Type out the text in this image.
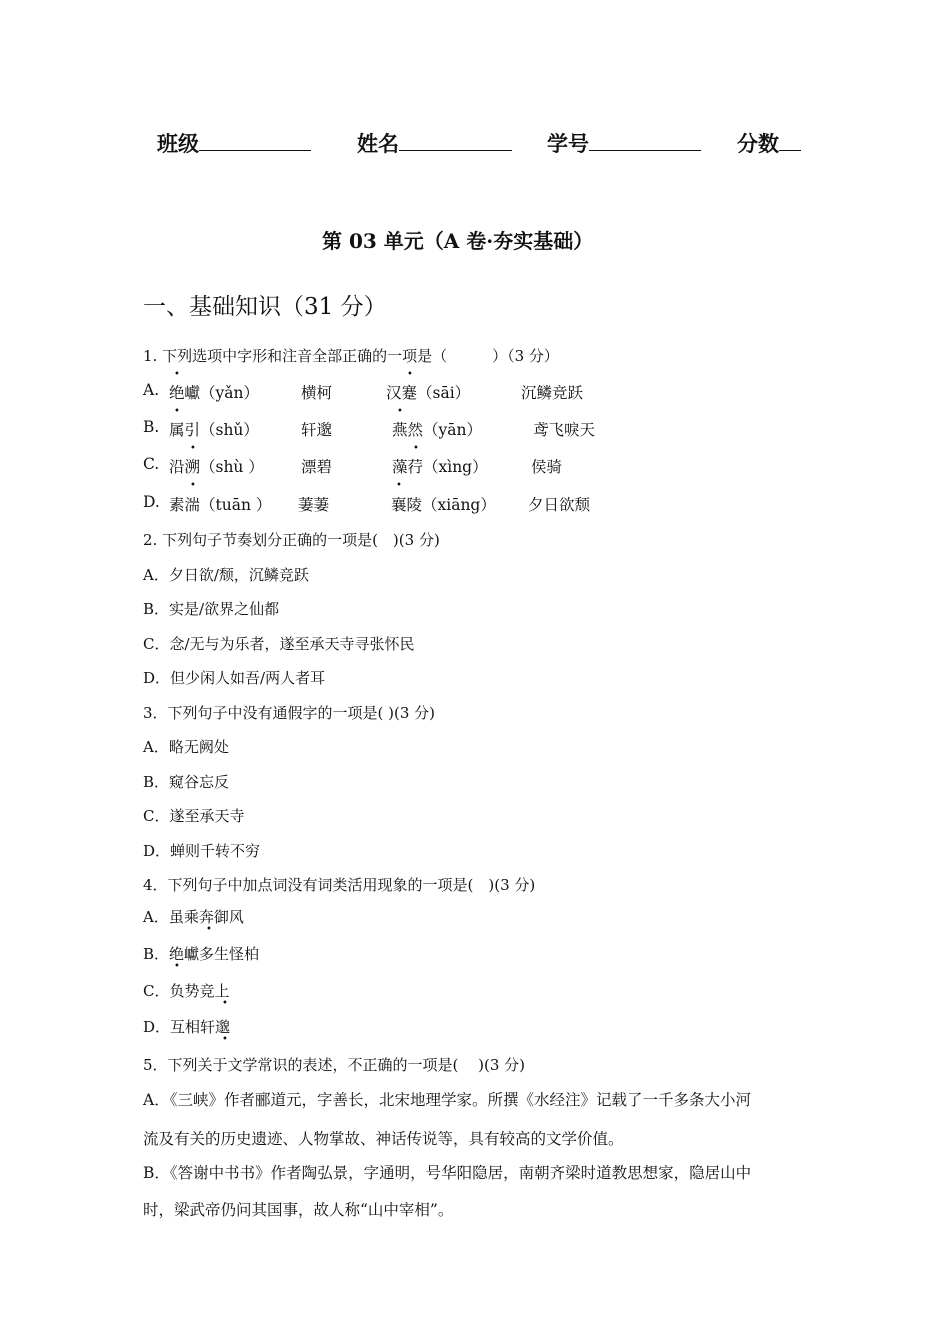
班级	姓名	学号	分数
第 03 单元（A 卷·夯实基础）
一、基础知识（31 分）
1. 下列选项中字形和注音全部正确的一项是（　　　）（3 分）
A. 绝巘（yǎn）	横柯	汉蹇（sāi）	沉鳞竞跃
•	•
B. 属引（shǔ）	轩邈	燕然（yān）	鸢飞唳天
•	•
C. 沿溯（shù ） 漂碧	藻荇（xìng）	侯骑
•	•
D. 素湍（tuān ） 萋萋	襄陵（xiāng） 夕日欲颓
•	•
2. 下列句子节奏划分正确的一项是(　)(3 分)
A．夕日欲/颓，沉鳞竞跃
B．实是/欲界之仙都
C．念/无与为乐者，遂至承天寺寻张怀民
D．但少闲人如吾/两人者耳
3．下列句子中没有通假字的一项是( )(3 分)
A．略无阙处
B．窥谷忘反
C．遂至承天寺
D．蝉则千转不穷
4．下列句子中加点词没有词类活用现象的一项是(　)(3 分)
A．虽乘奔御风
•
B．绝巘多生怪柏
•
C．负势竞上
•
D．互相轩邈
•
5．下列关于文学常识的表述，不正确的一项是(　 )(3 分)
A．《三峡》作者郦道元，字善长，北宋地理学家。所撰《水经注》记载了一千多条大小河
流及有关的历史遗迹、人物掌故、神话传说等，具有较高的文学价值。
B．《答谢中书书》作者陶弘景，字通明，号华阳隐居，南朝齐梁时道教思想家，隐居山中
时，梁武帝仍问其国事，故人称“山中宰相”。
